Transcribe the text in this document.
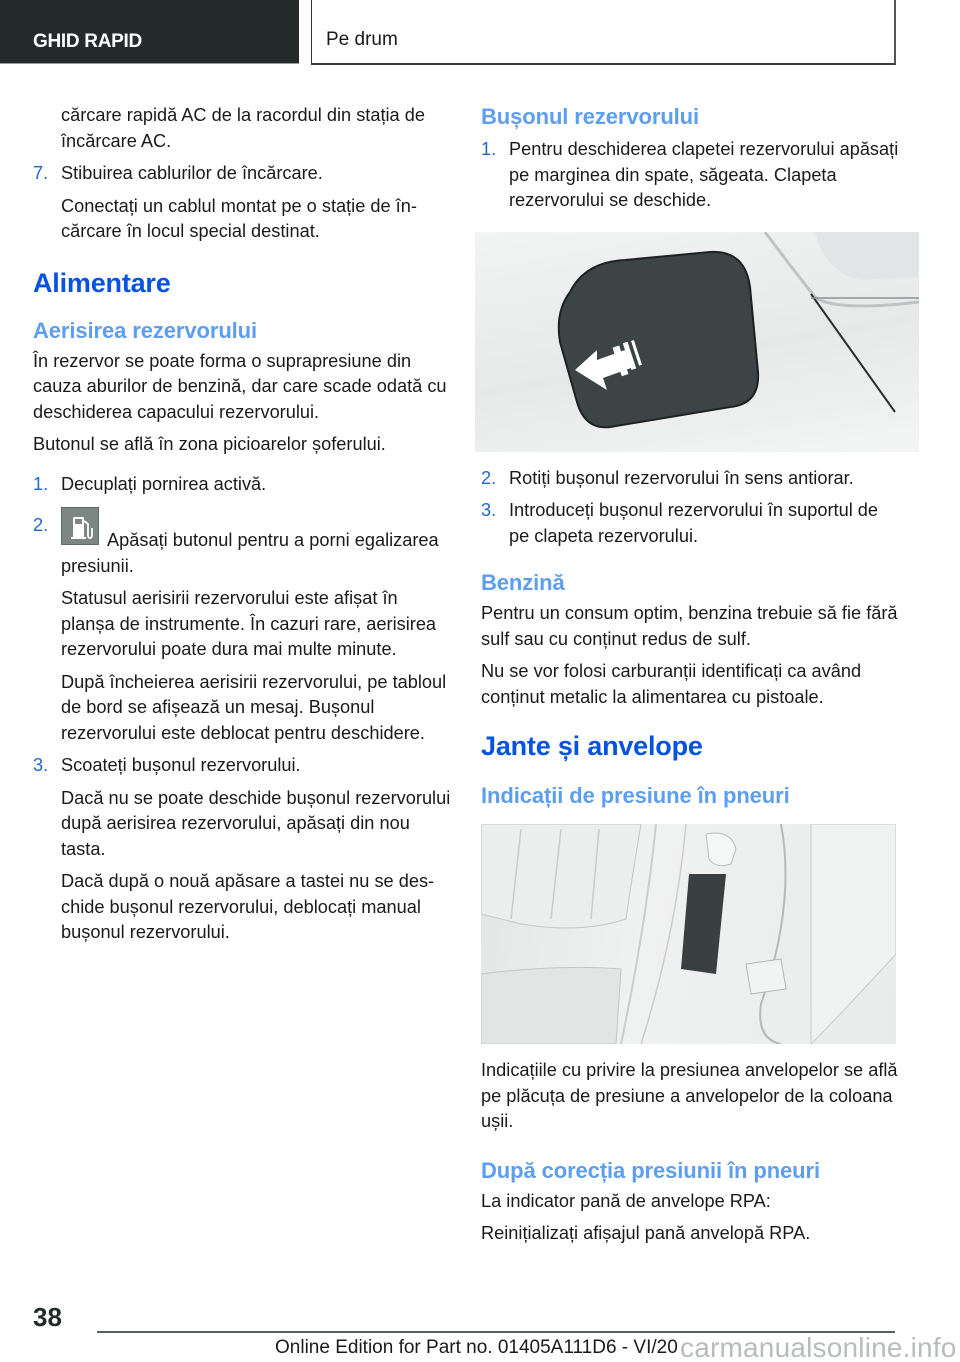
GHID RAPID	Pe drum
cărcare rapidă AC de la racordul din stația de încărcare AC.
7. Stibuirea cablurilor de încărcare.
Conectați un cablul montat pe o stație de încărcare în locul special destinat.
Alimentare
Aerisirea rezervorului
În rezervor se poate forma o suprapresiune din cauza aburilor de benzină, dar care scade odată cu deschiderea capacului rezervorului.
Butonul se află în zona picioarelor șoferului.
1. Decuplați pornirea activă.
2.
Apăsați butonul pentru a porni egalizarea presiunii.
Statusul aerisirii rezervorului este afișat în planșa de instrumente. În cazuri rare, aerisirea rezervorului poate dura mai multe minute.
După încheierea aerisirii rezervorului, pe tabloul de bord se afișează un mesaj. Bușonul rezervorului este deblocat pentru deschidere.
3. Scoateți bușonul rezervorului.
Dacă nu se poate deschide bușonul rezervorului după aerisirea rezervorului, apăsați din nou tasta.
Dacă după o nouă apăsare a tastei nu se deschide bușonul rezervorului, deblocați manual bușonul rezervorului.
Bușonul rezervorului
1. Pentru deschiderea clapetei rezervorului apăsați pe marginea din spate, săgeata. Clapeta rezervorului se deschide.
2. Rotiți bușonul rezervorului în sens antiorar.
3. Introduceți bușonul rezervorului în suportul de pe clapeta rezervorului.
Benzină
Pentru un consum optim, benzina trebuie să fie fără sulf sau cu conținut redus de sulf.
Nu se vor folosi carburanții identificați ca având conținut metalic la alimentarea cu pistoale.
Jante și anvelope
Indicații de presiune în pneuri
Indicațiile cu privire la presiunea anvelopelor se află pe plăcuța de presiune a anvelopelor de la coloana ușii.
După corecția presiunii în pneuri
La indicator pană de anvelope RPA:
Reinițializați afișajul pană anvelopă RPA.
38
Online Edition for Part no. 01405A111D6 - VI/20 carmanualsonline.info
